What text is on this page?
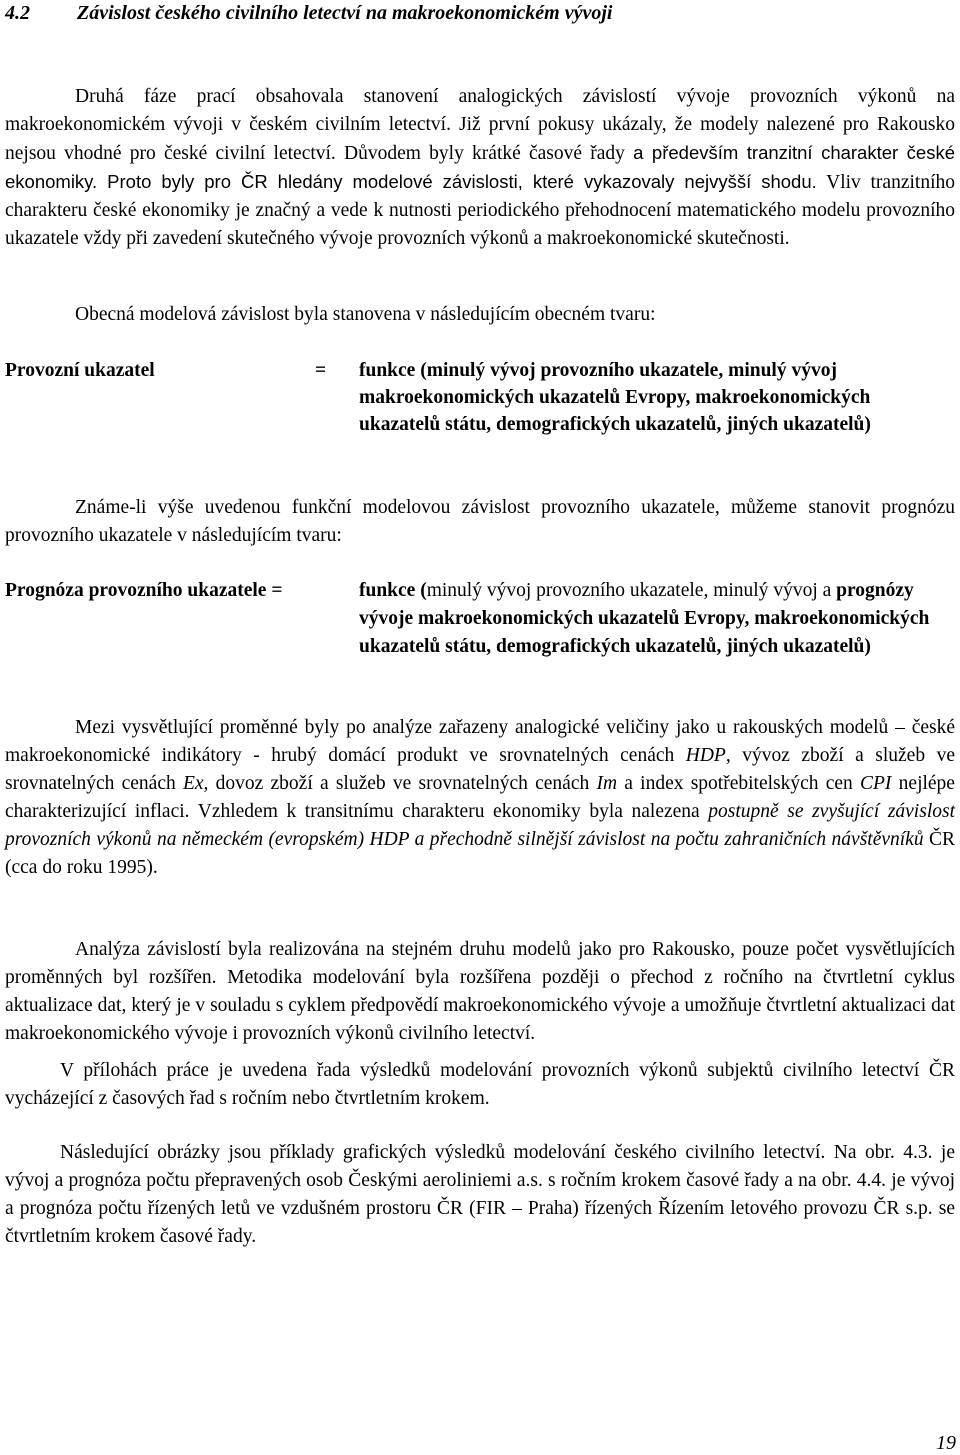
4.2 Závislost českého civilního letectví na makroekonomickém vývoji

Druhá fáze prací obsahovala stanovení analogických závislostí vývoje provozních výkonů na makroekonomickém vývoji v českém civilním letectví. Již první pokusy ukázaly, že modely nalezené pro Rakousko nejsou vhodné pro české civilní letectví. Důvodem byly krátké časové řady a především tranzitní charakter české ekonomiky. Proto byly pro ČR hledány modelové závislosti, které vykazovaly nejvyšší shodu. Vliv tranzitního charakteru české ekonomiky je značný a vede k nutnosti periodického přehodnocení matematického modelu provozního ukazatele vždy při zavedení skutečného vývoje provozních výkonů a makroekonomické skutečnosti.

Obecná modelová závislost byla stanovena v následujícím obecném tvaru:

Provozní ukazatel	=	funkce (minulý vývoj provozního ukazatele, minulý vývoj makroekonomických ukazatelů Evropy, makroekonomických ukazatelů státu, demografických ukazatelů, jiných ukazatelů)

Známe-li výše uvedenou funkční modelovou závislost provozního ukazatele, můžeme stanovit prognózu provozního ukazatele v následujícím tvaru:

Prognóza provozního ukazatele =	funkce (minulý vývoj provozního ukazatele, minulý vývoj a prognózy vývoje makroekonomických ukazatelů Evropy, makroekonomických ukazatelů státu, demografických ukazatelů, jiných ukazatelů)

Mezi vysvětlující proměnné byly po analýze zařazeny analogické veličiny jako u rakouských modelů – české makroekonomické indikátory - hrubý domácí produkt ve srovnatelných cenách HDP, vývoz zboží a služeb ve srovnatelných cenách Ex, dovoz zboží a služeb ve srovnatelných cenách Im a index spotřebitelských cen CPI nejlépe charakterizující inflaci. Vzhledem k transitnímu charakteru ekonomiky byla nalezena postupně se zvyšující závislost provozních výkonů na německém (evropském) HDP a přechodně silnější závislost na počtu zahraničních návštěvníků ČR (cca do roku 1995).

Analýza závislostí byla realizována na stejném druhu modelů jako pro Rakousko, pouze počet vysvětlujících proměnných byl rozšířen. Metodika modelování byla rozšířena později o přechod z ročního na čtvrtletní cyklus aktualizace dat, který je v souladu s cyklem předpovědí makroekonomického vývoje a umožňuje čtvrtletní aktualizaci dat makroekonomického vývoje i provozních výkonů civilního letectví.

V přílohách práce je uvedena řada výsledků modelování provozních výkonů subjektů civilního letectví ČR vycházející z časových řad s ročním nebo čtvrtletním krokem.

Následující obrázky jsou příklady grafických výsledků modelování českého civilního letectví. Na obr. 4.3. je vývoj a prognóza počtu přepravených osob Českými aeroliniemi a.s. s ročním krokem časové řady a na obr. 4.4. je vývoj a prognóza počtu řízených letů ve vzdušném prostoru ČR (FIR – Praha) řízených Řízením letového provozu ČR s.p. se čtvrtletním krokem časové řady.

19
